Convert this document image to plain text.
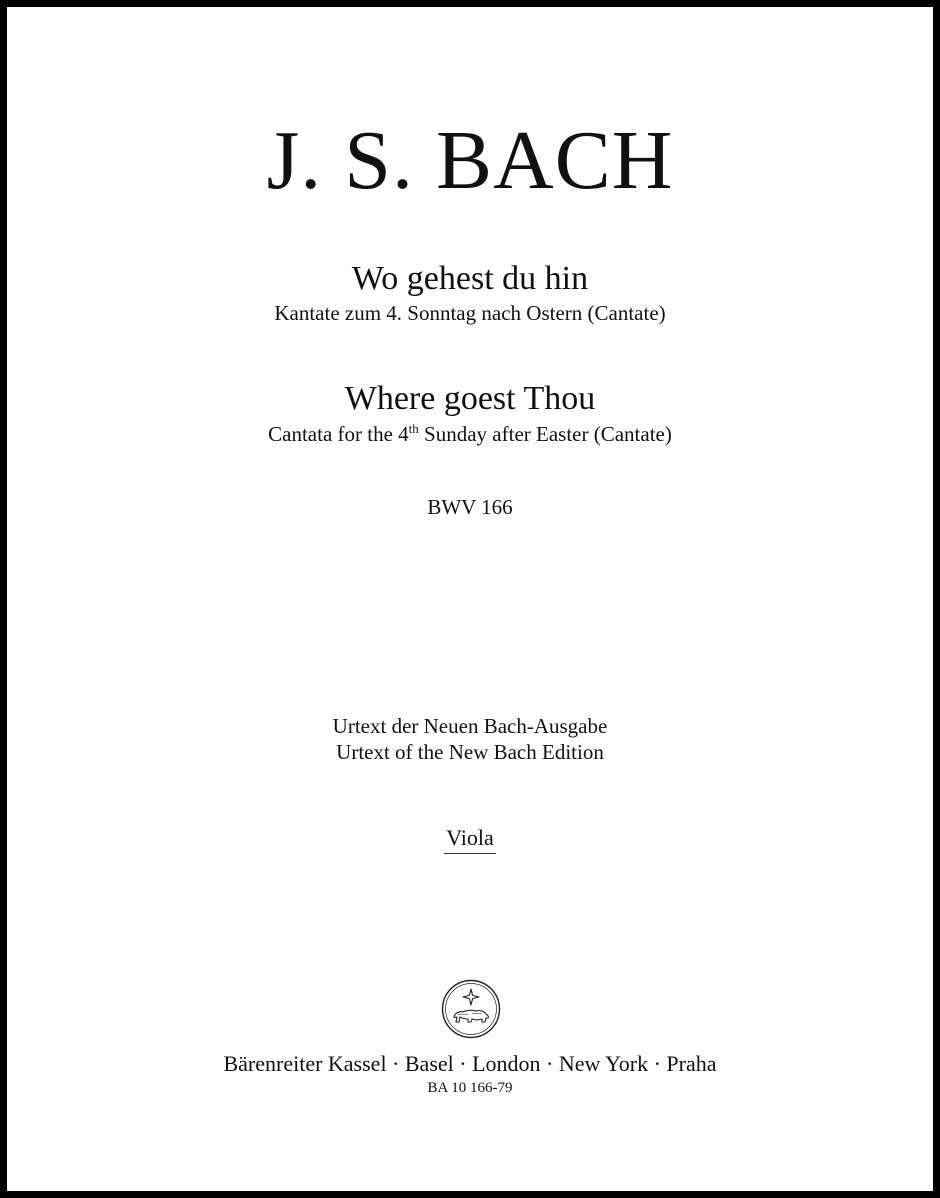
J. S. BACH
Wo gehest du hin
Kantate zum 4. Sonntag nach Ostern (Cantate)
Where goest Thou
Cantata for the 4th Sunday after Easter (Cantate)
BWV 166
Urtext der Neuen Bach-Ausgabe
Urtext of the New Bach Edition
Viola
Bärenreiter Kassel · Basel · London · New York · Praha
BA 10 166-79
